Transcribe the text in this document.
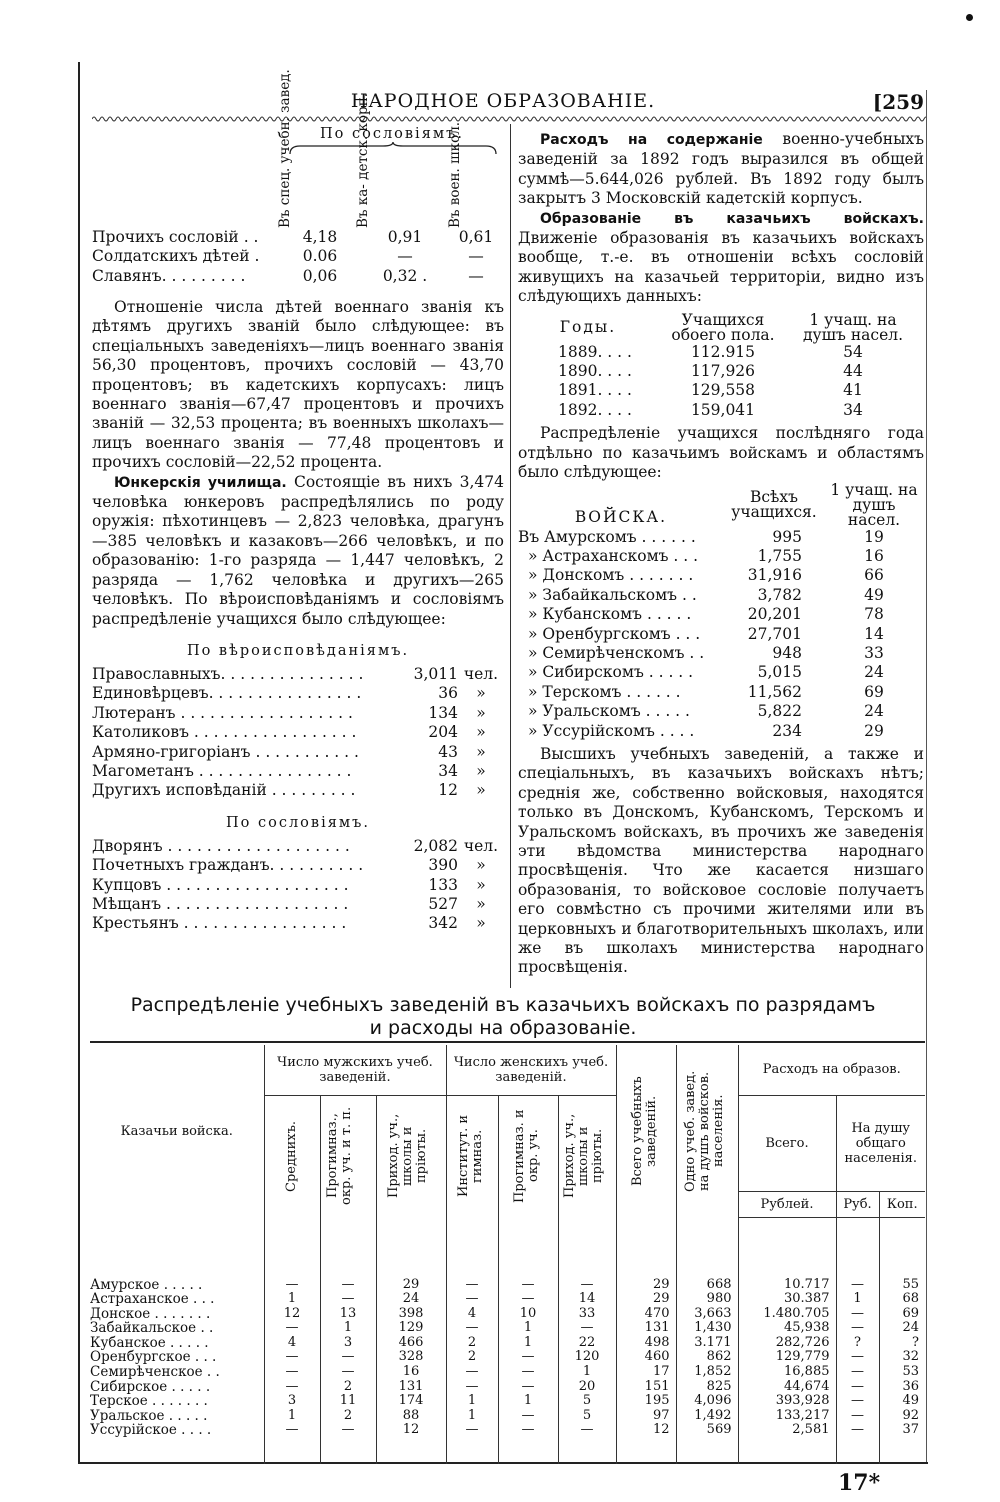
НАРОДНОЕ ОБРАЗОВАНІЕ.	[259
По сословіямъ.
Въ спец. учебн. завед.	Въ ка- детск. корп.	Въ воен. школ.
Прочихъ сословій . .	4,18	0,91	0,61
Солдатскихъ дѣтей .	0.06	—	—
Славянъ. . . . . . . . .	0,06	0,32 .	—

Отношеніе числа дѣтей военнаго званія къ дѣтямъ другихъ званій было слѣдующее: въ спеціальныхъ заведеніяхъ—лицъ военнаго званія 56,30 процентовъ, прочихъ сословій — 43,70 процентовъ; въ кадетскихъ корпусахъ: лицъ военнаго званія—67,47 процентовъ и прочихъ званій — 32,53 процента; въ военныхъ школахъ—лицъ военнаго званія — 77,48 процентовъ и прочихъ сословій—22,52 процента.

Юнкерскія училища. Состоящіе въ нихъ 3,474 человѣка юнкеровъ распредѣлялись по роду оружія: пѣхотинцевъ — 2,823 человѣка, драгунъ—385 человѣкъ и казаковъ—266 человѣкъ, и по образованію: 1-го разряда — 1,447 человѣкъ, 2 разряда — 1,762 человѣка и другихъ—265 человѣкъ. По вѣроисповѣданіямъ и сословіямъ распредѣленіе учащихся было слѣдующее:

По вѣроисповѣданіямъ.
Православныхъ. . . . . . . . . . . . . . .	3,011	чел.
Единовѣрцевъ. . . . . . . . . . . . . . . .	36	»
Лютеранъ . . . . . . . . . . . . . . . . . .	134	»
Католиковъ . . . . . . . . . . . . . . . . .	204	»
Армяно-григоріанъ . . . . . . . . . . .	43	»
Магометанъ . . . . . . . . . . . . . . . .	34	»
Другихъ исповѣданій . . . . . . . . .	12	»
По сословіямъ.
Дворянъ . . . . . . . . . . . . . . . . . . .	2,082	чел.
Почетныхъ гражданъ. . . . . . . . . .	390	»
Купцовъ . . . . . . . . . . . . . . . . . . .	133	»
Мѣщанъ . . . . . . . . . . . . . . . . . . .	527	»
Крестьянъ . . . . . . . . . . . . . . . . .	342	»

Расходъ на содержаніе военно-учебныхъ заведеній за 1892 годъ выразился въ общей суммѣ—5.644,026 рублей. Въ 1892 году былъ закрытъ 3 Московскій кадетскій корпусъ.

Образованіе въ казачьихъ войскахъ. Движеніе образованія въ казачьихъ войскахъ вообще, т.-е. въ отношеніи всѣхъ сословій живущихъ на казачьей территоріи, видно изъ слѣдующихъ данныхъ:

Годы.	Учащихся обоего пола.	1 учащ. на душъ насел.
1889. . . .	112.915	54
1890. . . .	117,926	44
1891. . . .	129,558	41
1892. . . .	159,041	34

Распредѣленіе учащихся послѣдняго года отдѣльно по казачьимъ войскамъ и областямъ было слѣдующее:

ВОЙСКА.	Всѣхъ учащихся.	1 учащ. на душъ насел.
Въ Амурскомъ . . . . . .	995	19
» Астраханскомъ . . .	1,755	16
» Донскомъ . . . . . . .	31,916	66
» Забайкальскомъ . .	3,782	49
» Кубанскомъ . . . . .	20,201	78
» Оренбургскомъ . . .	27,701	14
» Семирѣченскомъ . .	948	33
» Сибирскомъ . . . . .	5,015	24
» Терскомъ . . . . . .	11,562	69
» Уральскомъ . . . . .	5,822	24
» Уссурійскомъ . . . .	234	29

Высшихъ учебныхъ заведеній, а также и спеціальныхъ, въ казачьихъ войскахъ нѣтъ; среднія же, собственно войсковыя, находятся только въ Донскомъ, Кубанскомъ, Терскомъ и Уральскомъ войскахъ, въ прочихъ же заведенія эти вѣдомства министерства народнаго просвѣщенія. Что же касается низшаго образованія, то войсковое сословіе получаетъ его совмѣстно съ прочими жителями или въ церковныхъ и благотворительныхъ школахъ, или же въ школахъ министерства народнаго просвѣщенія.

Распредѣленіе учебныхъ заведеній въ казачьихъ войскахъ по разрядамъ
и расходы на образованіе.
Казачьи войска.	Число мужскихъ учеб. заведеній.			Число женскихъ учеб. заведеній.			Всего учебныхъ заведеній.	Одно учеб. завед. на душъ войсков. населенія.	Расходъ на образов.		

	Среднихъ.	Прогимназ., окр. уч. и т. п.	Приход. уч., школы и пріюты.	Институт. и гимназ.	Прогимназ. и окр. уч.	Приход. уч., школы и пріюты.			Всего.	На душу общаго населенія.	
									Рублей.	Руб.	Коп.

Амурское . . . . .	—	—	29	—	—	—	29	668	10.717	—	55
Астраханское . . .	1	—	24	—	—	14	29	980	30.387	1	68
Донское . . . . . . .	12	13	398	4	10	33	470	3,663	1.480.705	—	69
Забайкальское . .	—	1	129	—	1	—	131	1,430	45,938	—	24
Кубанское . . . . .	4	3	466	2	1	22	498	3.171	282,726	?	?
Оренбургское . . .	—	—	328	2	—	120	460	862	129,779	—	32
Семирѣченское . .	—	—	16	—	—	1	17	1,852	16,885	—	53
Сибирское . . . . .	—	2	131	—	—	20	151	825	44,674	—	36
Терское . . . . . . .	3	11	174	1	1	5	195	4,096	393,928	—	49
Уральское . . . . .	1	2	88	1	—	5	97	1,492	133,217	—	92
Уссурійское . . . .	—	—	12	—	—	—	12	569	2,581	—	37

17*
